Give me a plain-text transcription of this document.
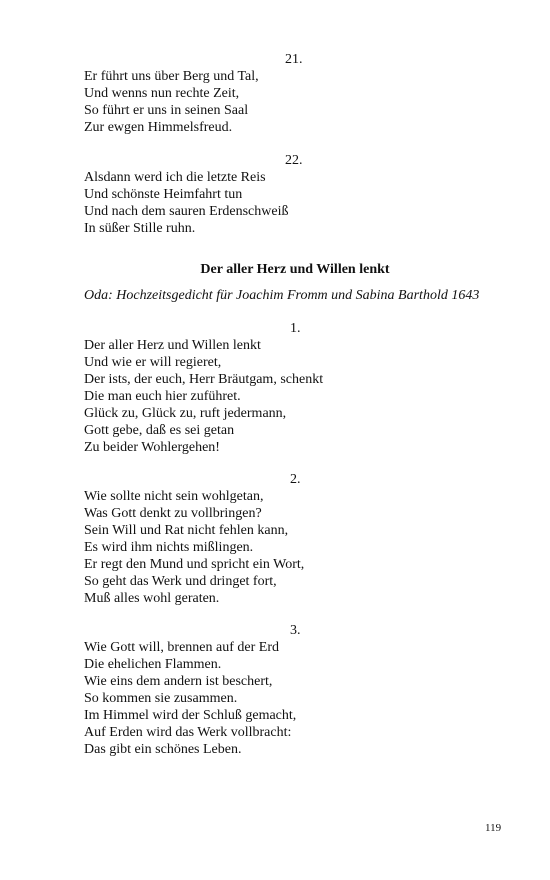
21.
Er führt uns über Berg und Tal,
Und wenns nun rechte Zeit,
So führt er uns in seinen Saal
Zur ewgen Himmelsfreud.
22.
Alsdann werd ich die letzte Reis
Und schönste Heimfahrt tun
Und nach dem sauren Erdenschweiß
In süßer Stille ruhn.
Der aller Herz und Willen lenkt
Oda: Hochzeitsgedicht für Joachim Fromm und Sabina Barthold 1643
1.
Der aller Herz und Willen lenkt
Und wie er will regieret,
Der ists, der euch, Herr Bräutgam, schenkt
Die man euch hier zuführet.
Glück zu, Glück zu, ruft jedermann,
Gott gebe, daß es sei getan
Zu beider Wohlergehen!
2.
Wie sollte nicht sein wohlgetan,
Was Gott denkt zu vollbringen?
Sein Will und Rat nicht fehlen kann,
Es wird ihm nichts mißlingen.
Er regt den Mund und spricht ein Wort,
So geht das Werk und dringet fort,
Muß alles wohl geraten.
3.
Wie Gott will, brennen auf der Erd
Die ehelichen Flammen.
Wie eins dem andern ist beschert,
So kommen sie zusammen.
Im Himmel wird der Schluß gemacht,
Auf Erden wird das Werk vollbracht:
Das gibt ein schönes Leben.
119
